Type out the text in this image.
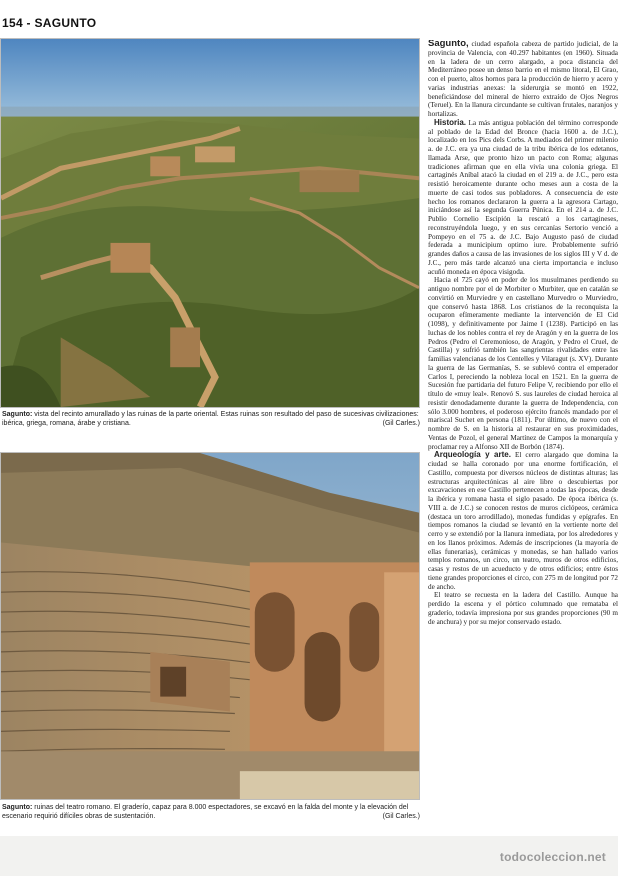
154 - SAGUNTO
Sagunto: vista del recinto amurallado y las ruinas de la parte oriental. Estas ruinas son resultado del paso de sucesivas civilizaciones: ibérica, griega, romana, árabe y cristiana.	(Gil Carles.)
Sagunto: ruinas del teatro romano. El graderío, capaz para 8.000 espectadores, se excavó en la falda del monte y la elevación del escenario requirió difíciles obras de sustentación.	(Gil Carles.)

Sagunto, ciudad española cabeza de partido judicial, de la provincia de Valencia, con 40.297 habitantes (en 1960). Situada en la ladera de un cerro alargado, a poca distancia del Mediterráneo posee un denso barrio en el mismo litoral, El Grao, con el puerto, altos hornos para la producción de hierro y acero y varias industrias anexas: la siderurgia se montó en 1922, beneficiándose del mineral de hierro extraído de Ojos Negros (Teruel). En la llanura circundante se cultivan frutales, naranjos y hortalizas.

Historia. La más antigua población del término corresponde al poblado de la Edad del Bronce (hacia 1600 a. de J.C.), localizado en los Pics dels Corbs. A mediados del primer milenio a. de J.C. era ya una ciudad de la tribu ibérica de los edetanos, llamada Arse, que pronto hizo un pacto con Roma; algunas tradiciones afirman que en ella vivía una colonia griega. El cartaginés Aníbal atacó la ciudad en el 219 a. de J.C., pero esta resistió heroicamente durante ocho meses aun a costa de la muerte de casi todos sus pobladores. A consecuencia de este hecho los romanos declararon la guerra a la agresora Cartago, iniciándose así la segunda Guerra Púnica. En el 214 a. de J.C. Publio Cornelio Escipión la rescató a los cartagineses, reconstruyéndola luego, y en sus cercanías Sertorio venció a Pompeyo en el 75 a. de J.C. Bajo Augusto pasó de ciudad federada a municipium optimo iure. Probablemente sufrió grandes daños a causa de las invasiones de los siglos III y V d. de J.C., pero más tarde alcanzó una cierta importancia e incluso acuñó moneda en época visigoda.

Hacia el 725 cayó en poder de los musulmanes perdiendo su antiguo nombre por el de Morbiter o Murbiter, que en catalán se convirtió en Murviedre y en castellano Murvedro o Murviedro, que conservó hasta 1868. Los cristianos de la reconquista la ocuparon efímeramente mediante la intervención de El Cid (1098), y definitivamente por Jaime I (1238). Participó en las luchas de los nobles contra el rey de Aragón y en la guerra de los Pedros (Pedro el Ceremonioso, de Aragón, y Pedro el Cruel, de Castilla) y sufrió también las sangrientas rivalidades entre las familias valencianas de los Centelles y Vilaragut (s. XV). Durante la guerra de las Germanías, S. se sublevó contra el emperador Carlos I, pereciendo la nobleza local en 1521. En la guerra de Sucesión fue partidaria del futuro Felipe V, recibiendo por ello el título de «muy leal». Renovó S. sus laureles de ciudad heroica al resistir denodadamente durante la guerra de Independencia, con sólo 3.000 hombres, el poderoso ejército francés mandado por el mariscal Suchet en persona (1811). Por último, de nuevo con el nombre de S. en la historia al restaurar en sus proximidades, Ventas de Pozol, el general Martínez de Campos la monarquía y proclamar rey a Alfonso XII de Borbón (1874).

Arqueología y arte. El cerro alargado que domina la ciudad se halla coronado por una enorme fortificación, el Castillo, compuesta por diversos núcleos de distintas alturas; las estructuras arquitectónicas al aire libre o descubiertas por excavaciones en ese Castillo pertenecen a todas las épocas, desde la ibérica y romana hasta el siglo pasado. De época ibérica (s. VIII a. de J.C.) se conocen restos de muros ciclópeos, cerámica (destaca un toro arrodillado), monedas fundidas y epígrafes. En tiempos romanos la ciudad se levantó en la vertiente norte del cerro y se extendió por la llanura inmediata, por los alrededores y en los llanos próximos. Además de inscripciones (la mayoría de ellas funerarias), cerámicas y monedas, se han hallado varios templos romanos, un circo, un teatro, muros de otros edificios, casas y restos de un acueducto y de otros edificios; entre éstos tiene grandes proporciones el circo, con 275 m de longitud por 72 de ancho.

El teatro se recuesta en la ladera del Castillo. Aunque ha perdido la escena y el pórtico columnado que remataba el graderío, todavía impresiona por sus grandes proporciones (90 m de anchura) y por su mejor conservado estado.

todocoleccion.net
